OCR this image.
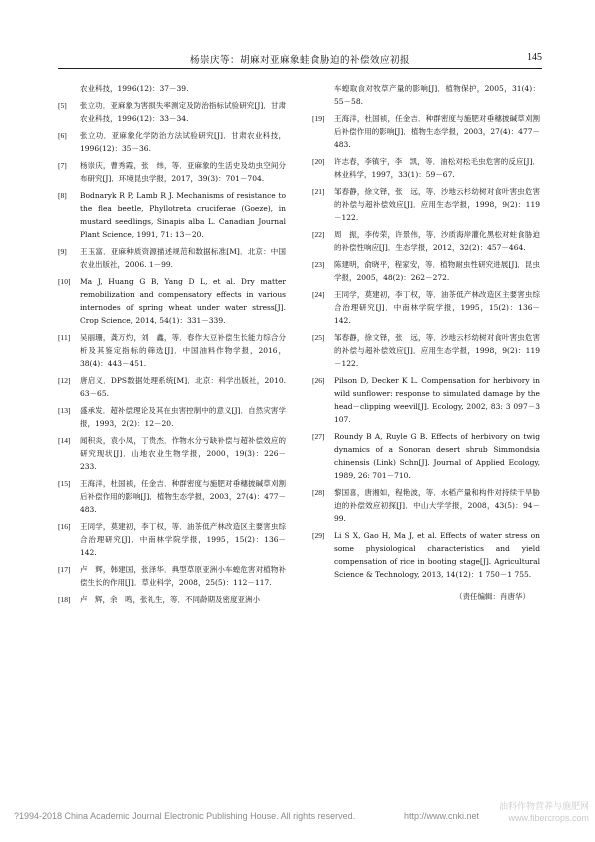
杨崇庆等：胡麻对亚麻象蛙食胁迫的补偿效应初报	145
农业科技，1996(12)：37－39.
[5] 张立功．亚麻象为害损失率测定及防治指标试验研究[J]．甘肃农业科技，1996(12)：33－34.
[6] 张立功．亚麻象化学防治方法试验研究[J]．甘肃农业科技，1996(12)：35－36.
[7] 杨崇庆，曹秀霞，张　炜，等．亚麻象的生活史及幼虫空间分布研究[J]．环境昆虫学报，2017，39(3)：701－704.
[8] Bodnaryk R P, Lamb R J. Mechanisms of resistance to the flea beetle, Phyllotreta cruciferae (Goeze), in mustard seedlings, Sinapis alba L. Canadian Journal Plant Science, 1991, 71: 13－20.
[9] 王玉富．亚麻种质资源描述规范和数据标准[M]．北京：中国农业出版社，2006. 1－99.
[10] Ma J, Huang G B, Yang D L, et al. Dry matter remobilization and compensatory effects in various internodes of spring wheat under water stress[J]. Crop Science, 2014, 54(1)：331－339.
[11] 吴丽珊，龚万灼，刘　鑫，等．春作大豆补偿生长能力综合分析及其鉴定指标的筛选[J]．中国油料作物学报，2016，38(4)：443－451.
[12] 唐启义．DPS数据处理系统[M]．北京：科学出版社，2010. 63－65.
[13] 盛承发．超补偿理论及其在虫害控制中的意义[J]．自然灾害学报，1993，2(2)：12－20.
[14] 闻积炎，袁小凤，丁贵杰．作物水分亏缺补偿与超补偿效应的研究现状[J]．山地农业生物学报，2000，19(3)：226－233.
[15] 王海洋，杜国祯，任金吉．种群密度与施肥对垂穗披碱草刈割后补偿作用的影响[J]．植物生态学报，2003，27(4)：477－483.
[16] 王同学，莫建初，李丁权，等．油茶低产林改造区主要害虫综合治理研究[J]．中南林学院学报，1995，15(2)：136－142.
[17] 卢　辉，韩建国，张泽华．典型草原亚洲小车蝗危害对植物补偿生长的作用[J]．草业科学，2008，25(5)：112－117.
[18] 卢　辉，余　鸣，张礼生，等．不同龄期及密度亚洲小
车蝗取食对牧草产量的影响[J]．植物保护，2005，31(4)：55－58.
[19] 王海洋，杜国祯，任金吉．种群密度与施肥对垂穗披碱草刈割后补偿作用的影响[J]．植物生态学报，2003，27(4)：477－483.
[20] 许志春，李镇宇，李　凯，等．油松对松毛虫危害的反应[J]．林业科学，1997，33(1)：59－67.
[21] 邹春静，徐文铎，张　远，等．沙地云杉幼树对食叶害虫危害的补偿与超补偿效应[J]．应用生态学报，1998，9(2)：119－122.
[22] 周　振，李传荣，许景伟，等．沙质海岸灌化黑松对蛀食胁迫的补偿性响应[J]．生态学报，2012，32(2)：457－464.
[23] 陈建明，俞晓平，程家安，等．植物耐虫性研究进展[J]．昆虫学报，2005，48(2)：262－272.
[24] 王同学，莫建初，李丁权，等．油茶低产林改造区主要害虫综合治理研究[J]．中南林学院学报，1995，15(2)：136－142.
[25] 邹春静，徐文铎，张　远，等．沙地云杉幼树对食叶害虫危害的补偿与超补偿效应[J]．应用生态学报，1998，9(2)：119－122.
[26] Pilson D, Decker K L. Compensation for herbivory in wild sunflower: response to simulated damage by the head－clipping weevil[J]. Ecology, 2002, 83: 3 097－3 107.
[27] Roundy B A, Ruyle G B. Effects of herbivory on twig dynamics of a Sonoran desert shrub Simmondsia chinensis (Link) Schn[J]. Journal of Applied Ecology, 1989, 26: 701－710.
[28] 黎国喜，唐湘如，程艳波，等．水稻产量和构件对持续干旱胁迫的补偿效应初探[J]．中山大学学报，2008，43(5)：94－99.
[29] Li S X, Gao H, Ma J, et al. Effects of water stress on some physiological characteristics and yield compensation of rice in booting stage[J]. Agricultural Science & Technology, 2013, 14(12)：1 750－1 755.
（责任编辑：肖唐华）
?1994-2018 China Academic Journal Electronic Publishing House. All rights reserved.	http://www.cnki.net
油料作物营养与施肥网
www.fibercrops.com
